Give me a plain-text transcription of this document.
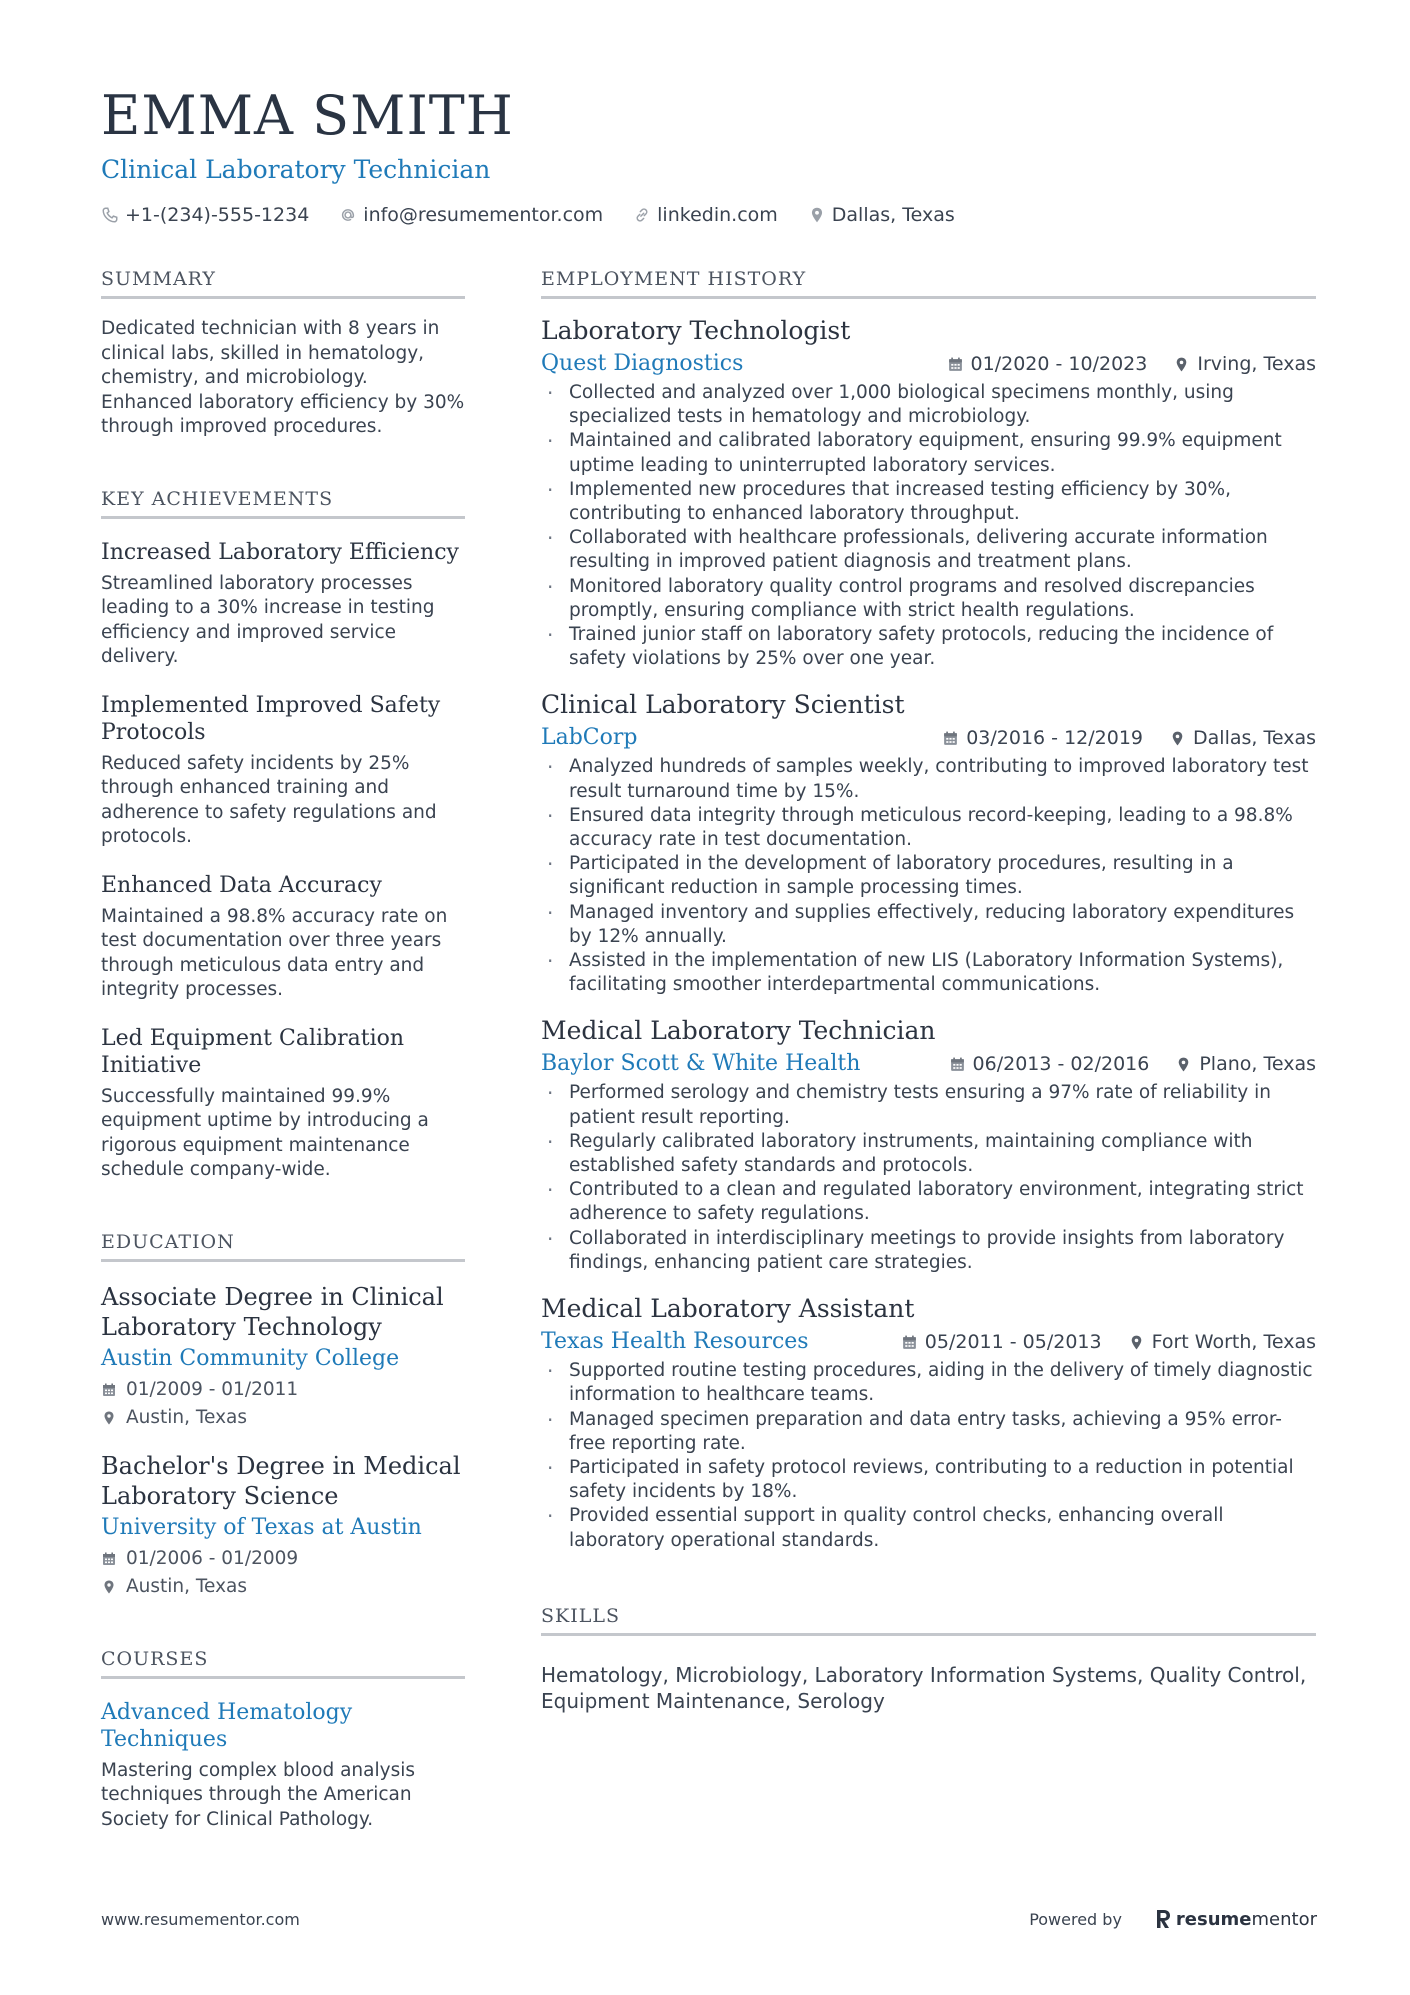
EMMA SMITH
Clinical Laboratory Technician
+1-(234)-555-1234	info@resumementor.com	linkedin.com	Dallas, Texas
SUMMARY
Dedicated technician with 8 years in clinical labs, skilled in hematology, chemistry, and microbiology. Enhanced laboratory efficiency by 30% through improved procedures.
KEY ACHIEVEMENTS
Increased Laboratory Efficiency
Streamlined laboratory processes leading to a 30% increase in testing efficiency and improved service delivery.
Implemented Improved Safety Protocols
Reduced safety incidents by 25% through enhanced training and adherence to safety regulations and protocols.
Enhanced Data Accuracy
Maintained a 98.8% accuracy rate on test documentation over three years through meticulous data entry and integrity processes.
Led Equipment Calibration Initiative
Successfully maintained 99.9% equipment uptime by introducing a rigorous equipment maintenance schedule company-wide.
EDUCATION
Associate Degree in Clinical Laboratory Technology
Austin Community College
01/2009 - 01/2011
Austin, Texas
Bachelor's Degree in Medical Laboratory Science
University of Texas at Austin
01/2006 - 01/2009
Austin, Texas
COURSES
Advanced Hematology Techniques
Mastering complex blood analysis techniques through the American Society for Clinical Pathology.
EMPLOYMENT HISTORY
Laboratory Technologist
Quest Diagnostics	01/2020 - 10/2023	Irving, Texas
· Collected and analyzed over 1,000 biological specimens monthly, using specialized tests in hematology and microbiology.
· Maintained and calibrated laboratory equipment, ensuring 99.9% equipment uptime leading to uninterrupted laboratory services.
· Implemented new procedures that increased testing efficiency by 30%, contributing to enhanced laboratory throughput.
· Collaborated with healthcare professionals, delivering accurate information resulting in improved patient diagnosis and treatment plans.
· Monitored laboratory quality control programs and resolved discrepancies promptly, ensuring compliance with strict health regulations.
· Trained junior staff on laboratory safety protocols, reducing the incidence of safety violations by 25% over one year.
Clinical Laboratory Scientist
LabCorp	03/2016 - 12/2019	Dallas, Texas
· Analyzed hundreds of samples weekly, contributing to improved laboratory test result turnaround time by 15%.
· Ensured data integrity through meticulous record-keeping, leading to a 98.8% accuracy rate in test documentation.
· Participated in the development of laboratory procedures, resulting in a significant reduction in sample processing times.
· Managed inventory and supplies effectively, reducing laboratory expenditures by 12% annually.
· Assisted in the implementation of new LIS (Laboratory Information Systems), facilitating smoother interdepartmental communications.
Medical Laboratory Technician
Baylor Scott & White Health	06/2013 - 02/2016	Plano, Texas
· Performed serology and chemistry tests ensuring a 97% rate of reliability in patient result reporting.
· Regularly calibrated laboratory instruments, maintaining compliance with established safety standards and protocols.
· Contributed to a clean and regulated laboratory environment, integrating strict adherence to safety regulations.
· Collaborated in interdisciplinary meetings to provide insights from laboratory findings, enhancing patient care strategies.
Medical Laboratory Assistant
Texas Health Resources	05/2011 - 05/2013	Fort Worth, Texas
· Supported routine testing procedures, aiding in the delivery of timely diagnostic information to healthcare teams.
· Managed specimen preparation and data entry tasks, achieving a 95% error-free reporting rate.
· Participated in safety protocol reviews, contributing to a reduction in potential safety incidents by 18%.
· Provided essential support in quality control checks, enhancing overall laboratory operational standards.
SKILLS
Hematology, Microbiology, Laboratory Information Systems, Quality Control, Equipment Maintenance, Serology
www.resumementor.com	Powered by	resume mentor
